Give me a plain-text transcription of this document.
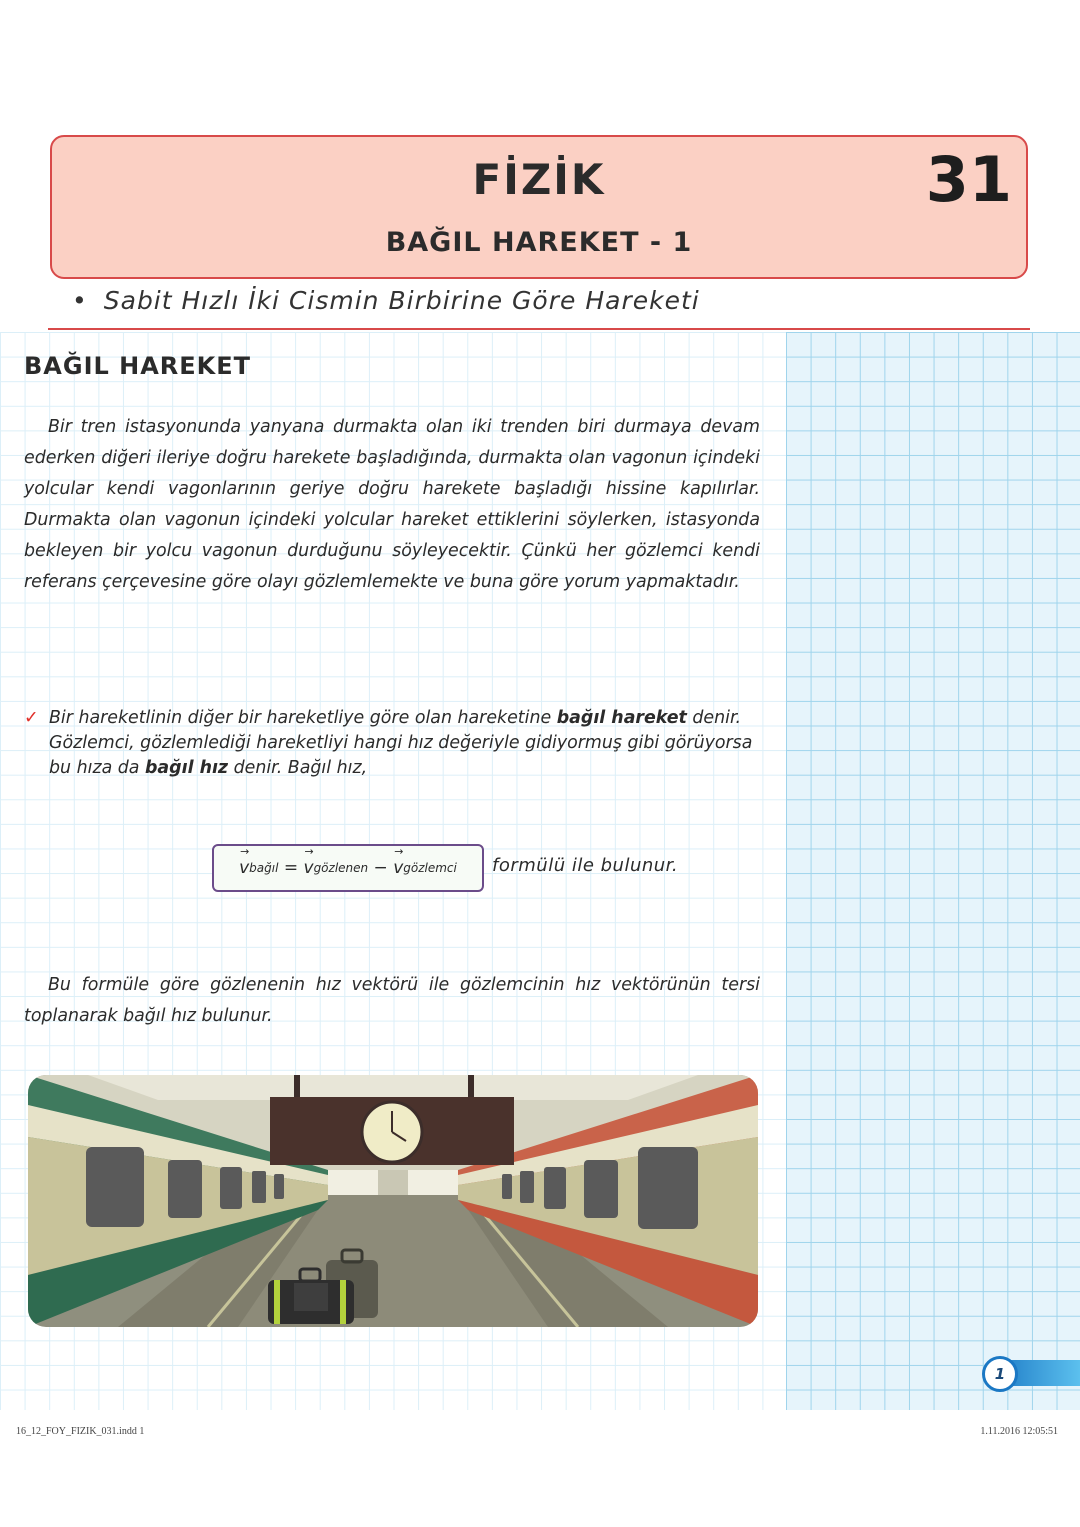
FİZİK
BAĞIL HAREKET - 1
31
• Sabit Hızlı İki Cismin Birbirine Göre Hareketi
BAĞIL HAREKET
Bir tren istasyonunda yanyana durmakta olan iki trenden biri durmaya devam ederken diğeri ileriye doğru harekete başladığında, durmakta olan vagonun içindeki yolcular kendi vagonlarının geriye doğru harekete başladığı hissine kapılırlar. Durmakta olan vagonun içindeki yolcular hareket ettiklerini söylerken, istasyonda bekleyen bir yolcu vagonun durduğunu söyleyecektir. Çünkü her gözlemci kendi referans çerçevesine göre olayı gözlemlemekte ve buna göre yorum yapmaktadır.
✓ Bir hareketlinin diğer bir hareketliye göre olan hareketine bağıl hareket denir. Gözlemci, gözlemlediği hareketliyi hangi hız değeriyle gidiyormuş gibi görüyorsa bu hıza da bağıl hız denir. Bağıl hız,
→
v bağıl
=

→
v gözlenen
−

→
v gözlemci formülü ile bulunur.
Bu formüle göre gözlenenin hız vektörü ile gözlemcinin hız vektörünün tersi toplanarak bağıl hız bulunur.
1
16_12_FOY_FIZIK_031.indd 1	1.11.2016 12:05:51
